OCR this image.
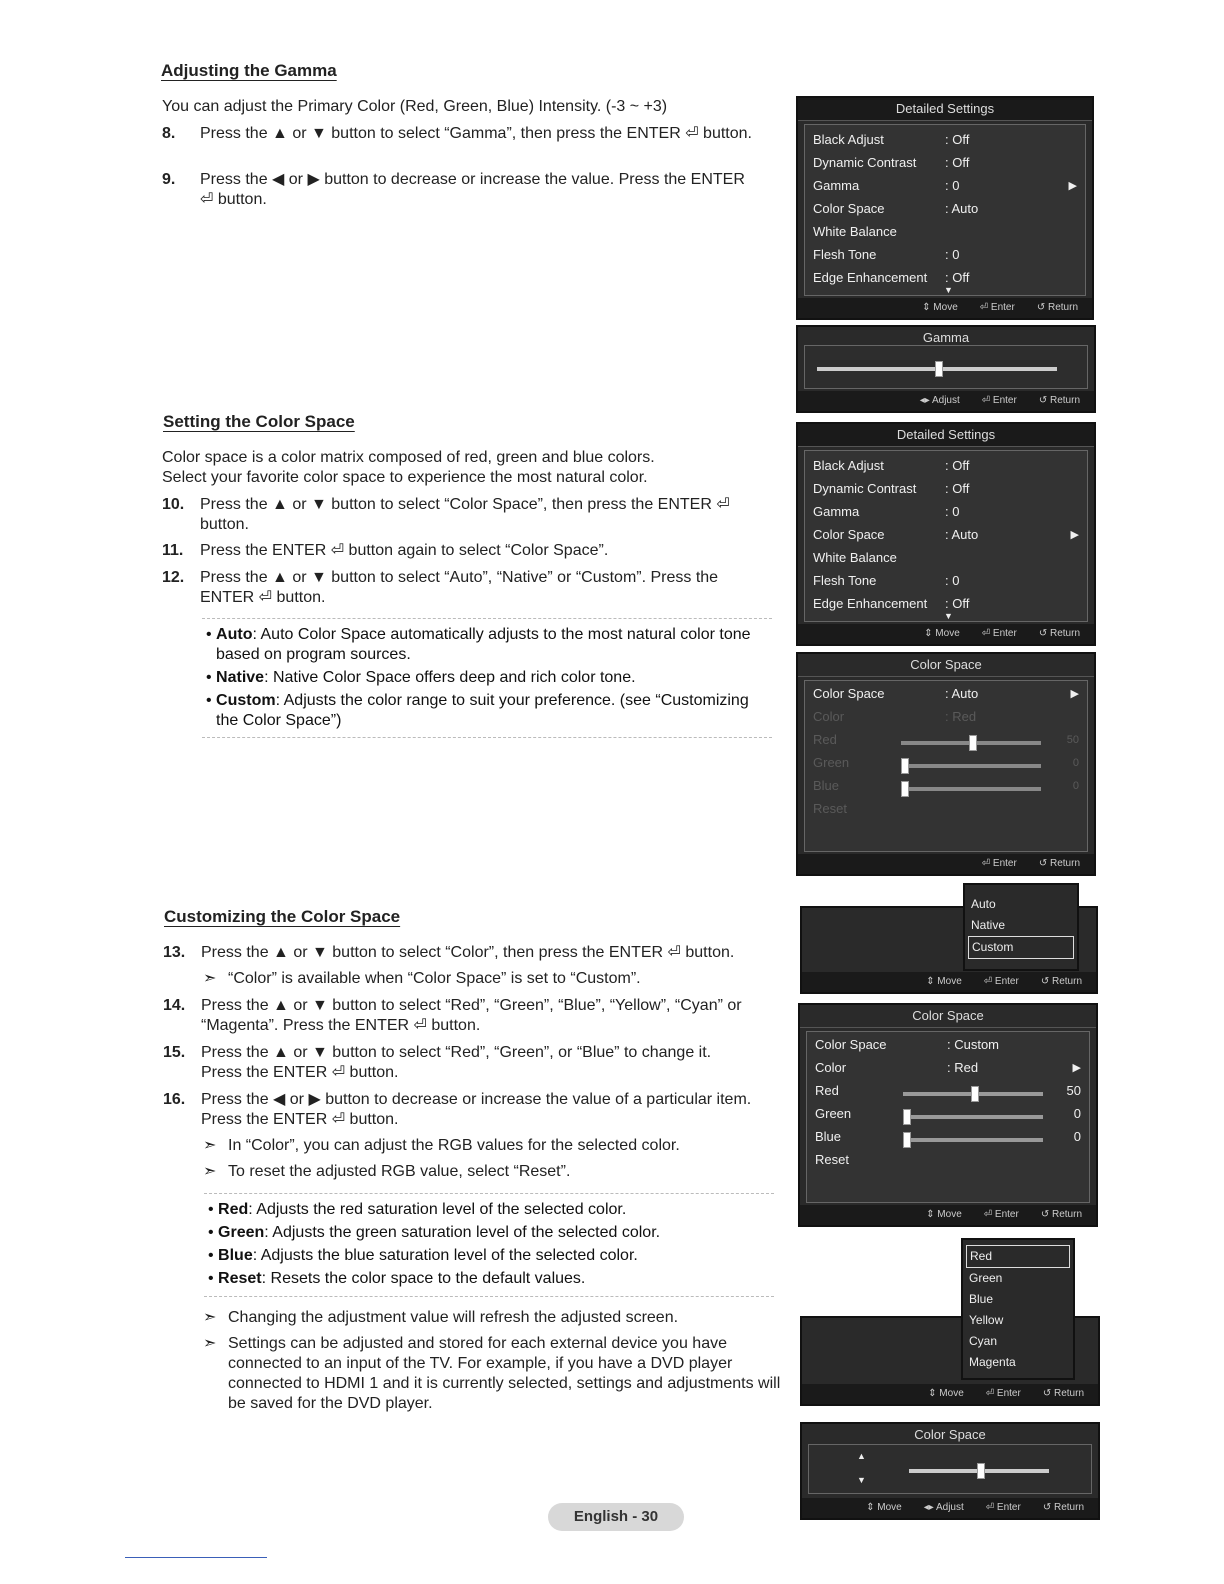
Adjusting the Gamma
You can adjust the Primary Color (Red, Green, Blue) Intensity. (-3 ~ +3)
8.	Press the ▲ or ▼ button to select “Gamma”, then press the ENTER ⏎ button.
9.	Press the ◀ or ▶ button to decrease or increase the value. Press the ENTER ⏎ button.
Setting the Color Space
Color space is a color matrix composed of red, green and blue colors.
Select your favorite color space to experience the most natural color.
10. Press the ▲ or ▼ button to select “Color Space”, then press the ENTER ⏎ button.
11.	Press the ENTER ⏎ button again to select “Color Space”.
12. Press the ▲ or ▼ button to select “Auto”, “Native” or “Custom”. Press the ENTER ⏎ button.
• Auto: Auto Color Space automatically adjusts to the most natural color tone based on program sources.
• Native: Native Color Space offers deep and rich color tone.
• Custom: Adjusts the color range to suit your preference. (see “Customizing the Color Space”)
Customizing the Color Space
13. Press the ▲ or ▼ button to select “Color”, then press the ENTER ⏎ button.
➣ “Color” is available when “Color Space” is set to “Custom”.
14. Press the ▲ or ▼ button to select “Red”, “Green”, “Blue”, “Yellow”, “Cyan” or “Magenta”. Press the ENTER ⏎ button.
15. Press the ▲ or ▼ button to select “Red”, “Green”, or “Blue” to change it. Press the ENTER ⏎ button.
16. Press the ◀ or ▶ button to decrease or increase the value of a particular item. Press the ENTER ⏎ button.
➣ In “Color”, you can adjust the RGB values for the selected color.
➣ To reset the adjusted RGB value, select “Reset”.
• Red: Adjusts the red saturation level of the selected color.
• Green: Adjusts the green saturation level of the selected color.
• Blue: Adjusts the blue saturation level of the selected color.
• Reset: Resets the color space to the default values.
➣ Changing the adjustment value will refresh the adjusted screen.
➣ Settings can be adjusted and stored for each external device you have connected to an input of the TV. For example, if you have a DVD player connected to HDMI 1 and it is currently selected, settings and adjustments will be saved for the DVD player.
Detailed Settings
Black Adjust	: Off
Dynamic Contrast : Off
Gamma	: 0	▶
Color Space	: Auto
White Balance
Flesh Tone	: 0
Edge Enhancement : Off
▼
⇕ Move ⏎ Enter ↺ Return
Gamma
◂▸ Adjust ⏎ Enter ↺ Return
Detailed Settings
Black Adjust	: Off
Dynamic Contrast : Off
Gamma	: 0
Color Space	: Auto	▶
White Balance
Flesh Tone	: 0
Edge Enhancement : Off
▼
⇕ Move ⏎ Enter ↺ Return
Color Space
Color Space	: Auto	▶
Color	: Red
Red	50
Green	0
Blue	0
Reset
⏎ Enter ↺ Return
⇕ Move ⏎ Enter ↺ Return
Auto
Native
Custom
Color Space
Color Space	: Custom
Color	: Red	▶
Red	50
Green	0
Blue	0
Reset
⇕ Move ⏎ Enter ↺ Return
⇕ Move ⏎ Enter ↺ Return
Red
Green
Blue
Yellow
Cyan
Magenta
Color Space
▲
▼
⇕ Move ◂▸ Adjust ⏎ Enter ↺ Return
English - 30
